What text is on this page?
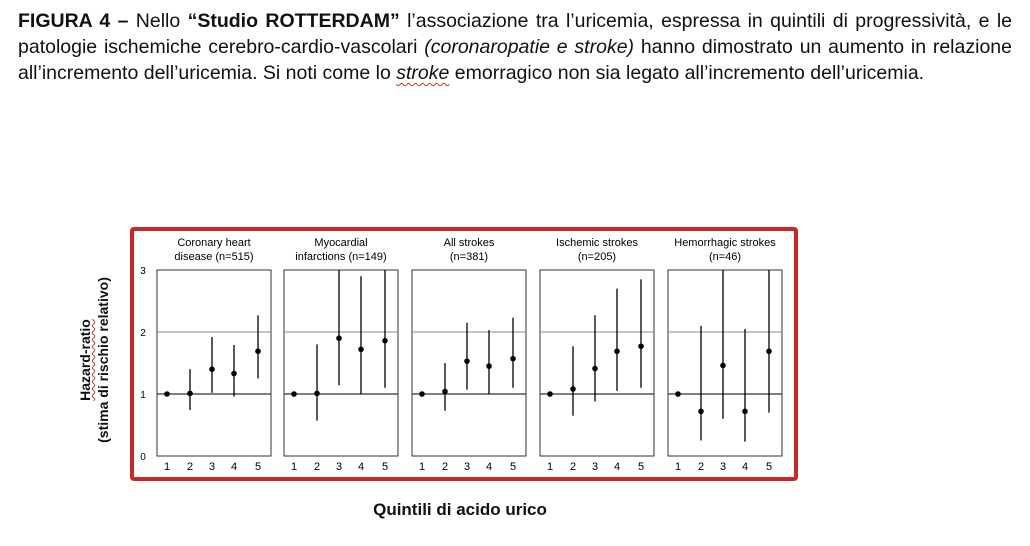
FIGURA 4 – Nello “Studio ROTTERDAM” l’associazione tra l’uricemia, espressa in quintili di progressività, e le patologie ischemiche cerebro-cardio-vascolari (coronaropatie e stroke) hanno dimostrato un aumento in relazione all’incremento dell’uricemia. Si noti come lo stroke emorragico non sia legato all’incremento dell’uricemia.
0
1
2
3
Coronary heart
disease (n=515)
1 2 3 4 5
Myocardial
infarctions (n=149)
1 2 3 4 5
All strokes
(n=381)
1 2 3 4 5
Ischemic strokes
(n=205)
1 2 3 4 5
Hemorrhagic strokes
(n=46)
1 2 3 4 5
Hazard-ratio (stima di rischio relativo)
Quintili di acido urico
